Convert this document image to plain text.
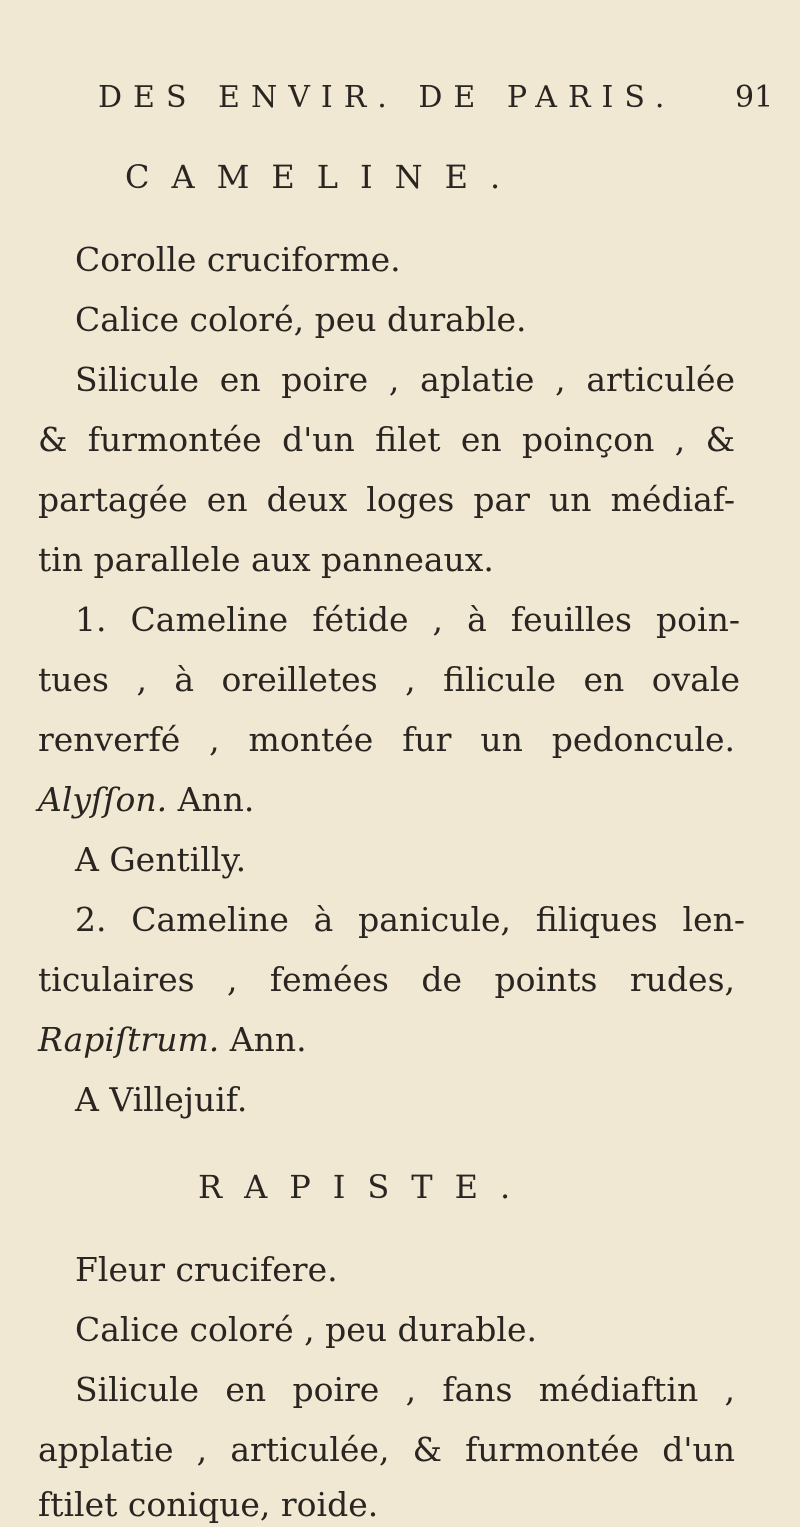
DES ENVIR. DE PARIS. 91
CAMELINE.
Corolle cruciforme.
Calice coloré, peu durable.
Silicule en poire , aplatie , articulée
& furmontée d'un filet en poinçon , &
partagée en deux loges par un médiaf-
tin parallele aux panneaux.
1. Cameline fétide , à feuilles poin-
tues , à oreilletes , filicule en ovale
renverfé , montée fur un pedoncule.
Alyſſon. Ann.
A Gentilly.
2. Cameline à panicule, filiques len-
ticulaires , femées de points rudes,
Rapiſtrum. Ann.
A Villejuif.
RAPISTE.
Fleur crucifere.
Calice coloré , peu durable.
Silicule en poire , fans médiaftin ,
applatie , articulée, & furmontée d'un
ftilet conique, roide.
